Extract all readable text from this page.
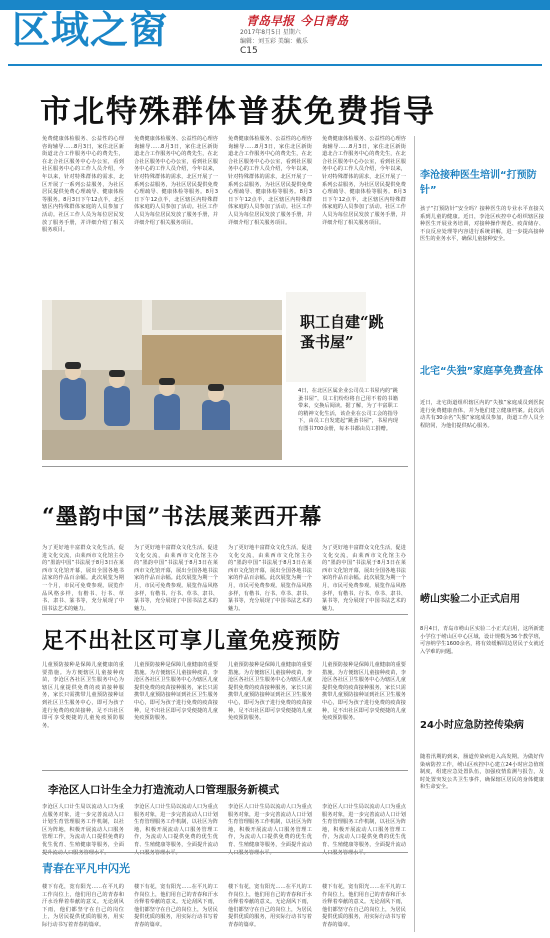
区域之窗	青岛早报 今日青岛
2017年8月5日 星期六
编辑：刘玉彩 美编：戴乐
C15
市北特殊群体普获免费指导
免费健康体检服务、公益性的心理咨询辅导……8月3日，家住北区新街道北合工作服务中心的费先生，在北合社区服务中心办公室，看到社区服务中心的工作人员介绍，今年以来，针对特殊群体的需求，北区开展了一系列公益服务，为社区居民提供免费心理疏导、健康体检等服务。8月3日下午12点半，北区辖区内特殊群体家庭的人员参加了活动。社区工作人员为每位居民发放了服务手册，并详细介绍了相关服务项目。
免费健康体检服务、公益性的心理咨询辅导……8月3日，家住北区新街道北合工作服务中心的费先生，在北合社区服务中心办公室，看到社区服务中心的工作人员介绍，今年以来，针对特殊群体的需求，北区开展了一系列公益服务，为社区居民提供免费心理疏导、健康体检等服务。8月3日下午12点半，北区辖区内特殊群体家庭的人员参加了活动。社区工作人员为每位居民发放了服务手册，并详细介绍了相关服务项目。
免费健康体检服务、公益性的心理咨询辅导……8月3日，家住北区新街道北合工作服务中心的费先生，在北合社区服务中心办公室，看到社区服务中心的工作人员介绍，今年以来，针对特殊群体的需求，北区开展了一系列公益服务，为社区居民提供免费心理疏导、健康体检等服务。8月3日下午12点半，北区辖区内特殊群体家庭的人员参加了活动。社区工作人员为每位居民发放了服务手册，并详细介绍了相关服务项目。
免费健康体检服务、公益性的心理咨询辅导……8月3日，家住北区新街道北合工作服务中心的费先生，在北合社区服务中心办公室，看到社区服务中心的工作人员介绍，今年以来，针对特殊群体的需求，北区开展了一系列公益服务，为社区居民提供免费心理疏导、健康体检等服务。8月3日下午12点半，北区辖区内特殊群体家庭的人员参加了活动。社区工作人员为每位居民发放了服务手册，并详细介绍了相关服务项目。
职工自建“跳蚤书屋”
4日，在北区区属企业公司员工书屋内的“跳蚤书屋”，员工们纷纷将自己用不着的书籍带来，交换后阅读。据了解，为了丰富职工的精神文化生活，该企业在公司工会的指导下，由员工自发建起“跳蚤书屋”，书屋内现有图书700余册，每本书都由员工捐赠。
“墨韵中国”书法展莱西开幕
为了更好地丰富群众文化生活，促进文化交流，由莱西市文化馆主办的“墨韵中国”书法展于8月3日在莱西市文化馆开幕，展出全国各地书法家的作品百余幅。此次展览为期一个月，市民可免费参观。展览作品风格多样，有楷书、行书、草书、隶书、篆书等，充分展现了中国书法艺术的魅力。
为了更好地丰富群众文化生活，促进文化交流，由莱西市文化馆主办的“墨韵中国”书法展于8月3日在莱西市文化馆开幕，展出全国各地书法家的作品百余幅。此次展览为期一个月，市民可免费参观。展览作品风格多样，有楷书、行书、草书、隶书、篆书等，充分展现了中国书法艺术的魅力。
为了更好地丰富群众文化生活，促进文化交流，由莱西市文化馆主办的“墨韵中国”书法展于8月3日在莱西市文化馆开幕，展出全国各地书法家的作品百余幅。此次展览为期一个月，市民可免费参观。展览作品风格多样，有楷书、行书、草书、隶书、篆书等，充分展现了中国书法艺术的魅力。
为了更好地丰富群众文化生活，促进文化交流，由莱西市文化馆主办的“墨韵中国”书法展于8月3日在莱西市文化馆开幕，展出全国各地书法家的作品百余幅。此次展览为期一个月，市民可免费参观。展览作品风格多样，有楷书、行书、草书、隶书、篆书等，充分展现了中国书法艺术的魅力。
足不出社区可享儿童免疫预防
儿童预防接种是保障儿童健康的重要措施。为方便辖区儿童接种疫苗，李沧区各社区卫生服务中心为辖区儿童提供免费的疫苗接种服务，家长只需携带儿童预防接种证到社区卫生服务中心，即可为孩子进行免费的疫苗接种，足不出社区即可享受便捷的儿童免疫预防服务。
儿童预防接种是保障儿童健康的重要措施。为方便辖区儿童接种疫苗，李沧区各社区卫生服务中心为辖区儿童提供免费的疫苗接种服务，家长只需携带儿童预防接种证到社区卫生服务中心，即可为孩子进行免费的疫苗接种，足不出社区即可享受便捷的儿童免疫预防服务。
儿童预防接种是保障儿童健康的重要措施。为方便辖区儿童接种疫苗，李沧区各社区卫生服务中心为辖区儿童提供免费的疫苗接种服务，家长只需携带儿童预防接种证到社区卫生服务中心，即可为孩子进行免费的疫苗接种，足不出社区即可享受便捷的儿童免疫预防服务。
儿童预防接种是保障儿童健康的重要措施。为方便辖区儿童接种疫苗，李沧区各社区卫生服务中心为辖区儿童提供免费的疫苗接种服务，家长只需携带儿童预防接种证到社区卫生服务中心，即可为孩子进行免费的疫苗接种，足不出社区即可享受便捷的儿童免疫预防服务。
李沧区人口计生全力打造流动人口管理服务新模式
李沧区人口计生局以流动人口为重点服务对象，进一步完善流动人口计划生育管理服务工作机制，以社区为阵地，积极开展流动人口服务管理工作，为流动人口提供免费的优生优育、生殖健康等服务，全面
李沧区人口计生局以流动人口为重点服务对象，进一步完善流动人口计划生育管理服务工作机制，以社区为阵地，积极开展流动人口服务管理工作，为流动人口提供免费的优生优育、生殖健康等服务，全面提升流动
李沧区人口计生局以流动人口为重点服务对象，进一步完善流动人口计划生育管理服务工作机制，以社区为阵地，积极开展流动人口服务管理工作，为流动人口提供免费的优生优育、生殖健康等服务，全面提升流动
李沧区人口计生局以流动人口为重点服务对象，进一步完善流动人口计划生育管理服务工作机制，以社区为阵地，积极开展流动人口服务管理工作，为流动人口提供免费的优生优育、生殖健康等服务，全面提升流动
青春在平凡中闪光
楼下有花，宽有阳光……在平凡的工作岗位上，他们用自己的青春和汗水诠释着奉献的意义。无论刮风下雨，他们都坚守在自己的岗位上，为居民提供优质的服务，用实际行动书写着青春的篇章。
楼下有花，宽有阳光……在平凡的工作岗位上，他们用自己的青春和汗水诠释着奉献的意义。无论刮风下雨，他们都坚守在自己的岗位上，为居民提供优质的服务，用实际行动书写着青春的篇章。
楼下有花，宽有阳光……在平凡的工作岗位上，他们用自己的青春和汗水诠释着奉献的意义。无论刮风下雨，他们都坚守在自己的岗位上，为居民提供优质的服务，用实际行动书写着青春的篇章。
楼下有花，宽有阳光……在平凡的工作岗位上，他们用自己的青春和汗水诠释着奉献的意义。无论刮风下雨，他们都坚守在自己的岗位上，为居民提供优质的服务，用实际行动书写着青春的篇章。
李沧接种医生培训“打预防针”
孩子“打预防针”安全吗？接种医生的专业水平直接关系到儿童的健康。近日，李沧区疾控中心组织辖区接种医生开展业务培训，对接种操作规范、疫苗储存、不良反应处理等内容进行系统讲解，进一步提高接种医生的业务水平，确保儿童接种安全。
北宅“失独”家庭享免费查体
近日，北宅街道组织辖区内的“失独”家庭成员到医院进行免费健康查体，并为他们建立健康档案。此次活动共有30余名“失独”家庭成员参加，街道工作人员全程陪同，为他们提供贴心服务。
崂山实验二小正式启用
8月4日，青岛市崂山区实验二小正式启用，这所新建小学位于崂山区中心区域，设计规模为36个教学班，可容纳学生1600余名，将有效缓解周边居民子女就近入学难的问题。
24小时应急防控传染病
随着汛期的到来，肠道传染病进入高发期。为做好传染病防控工作，崂山区疾控中心建立24小时应急值班制度，组建应急处置队伍，加强疫情监测与报告，及时处置突发公共卫生事件，确保辖区居民的身体健康和生命安全。
